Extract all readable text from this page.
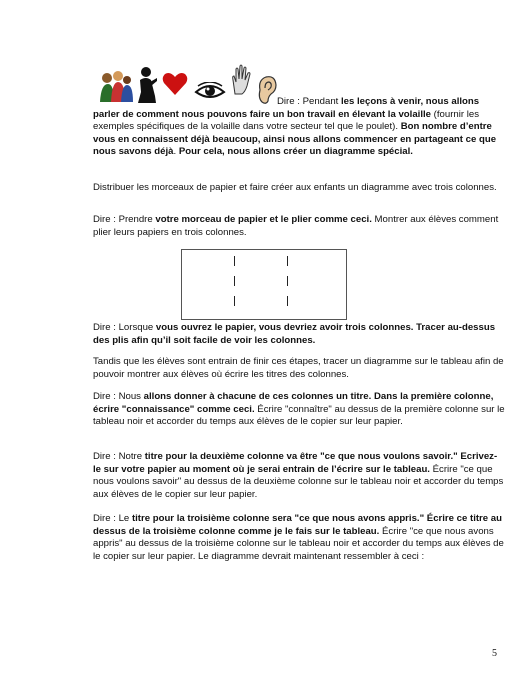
Dire : Pendant les leçons à venir, nous allons parler de comment nous pouvons faire un bon travail en élevant la volaille (fournir les exemples spécifiques de la volaille dans votre secteur tel que le poulet). Bon nombre d’entre vous en connaissent déjà beaucoup, ainsi nous allons commencer en partageant ce que nous savons déjà. Pour cela, nous allons créer un diagramme spécial.

Distribuer les morceaux de papier et faire créer aux enfants un diagramme avec trois colonnes.

Dire : Prendre votre morceau de papier et le plier comme ceci. Montrer aux élèves comment plier leurs papiers en trois colonnes.

Dire : Lorsque vous ouvrez le papier, vous devriez avoir trois colonnes. Tracer au-dessus des plis afin qu’il soit facile de voir les colonnes.

Tandis que les élèves sont entrain de finir ces étapes, tracer un diagramme sur le tableau afin de pouvoir montrer aux élèves où écrire les titres des colonnes.

Dire : Nous allons donner à chacune de ces colonnes un titre. Dans la première colonne, écrire "connaissance" comme ceci. Écrire "connaître" au dessus de la première colonne sur le tableau noir et accorder du temps aux élèves de le copier sur leur papier.

Dire : Notre titre pour la deuxième colonne va être "ce que nous voulons savoir." Ecrivez-le sur votre papier au moment où je serai entrain de l’écrire sur le tableau. Écrire "ce que nous voulons savoir" au dessus de la deuxième colonne sur le tableau noir et accorder du temps aux élèves de le copier sur leur papier.

Dire : Le titre pour la troisième colonne sera "ce que nous avons appris." Écrire ce titre au dessus de la troisième colonne comme je le fais sur le tableau. Écrire "ce que nous avons appris" au dessus de la troisième colonne sur le tableau noir et accorder du temps aux élèves de le copier sur leur papier. Le diagramme devrait maintenant ressembler à ceci :

5
